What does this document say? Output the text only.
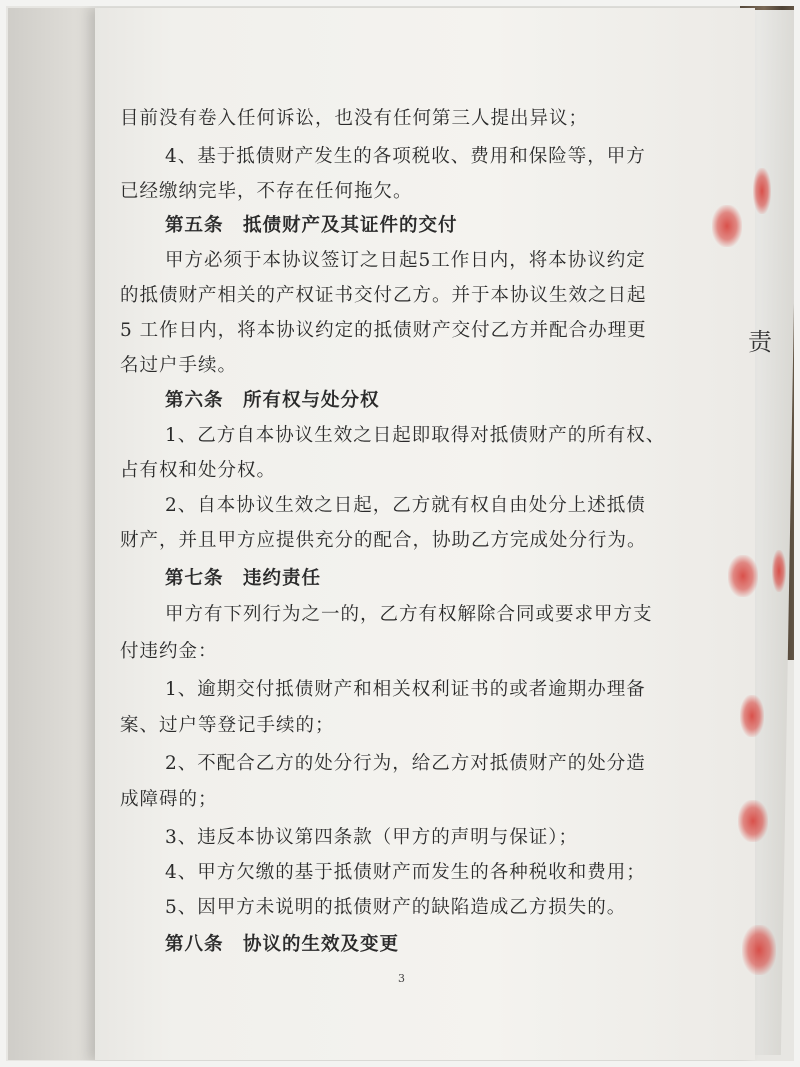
责
目前没有卷入任何诉讼，也没有任何第三人提出异议；
4、基于抵债财产发生的各项税收、费用和保险等，甲方
已经缴纳完毕，不存在任何拖欠。
第五条　抵债财产及其证件的交付
甲方必须于本协议签订之日起5工作日内，将本协议约定
的抵债财产相关的产权证书交付乙方。并于本协议生效之日起
5 工作日内，将本协议约定的抵债财产交付乙方并配合办理更
名过户手续。
第六条　所有权与处分权
1、乙方自本协议生效之日起即取得对抵债财产的所有权、
占有权和处分权。
2、自本协议生效之日起，乙方就有权自由处分上述抵债
财产，并且甲方应提供充分的配合，协助乙方完成处分行为。
第七条　违约责任
甲方有下列行为之一的，乙方有权解除合同或要求甲方支
付违约金：
1、逾期交付抵债财产和相关权利证书的或者逾期办理备
案、过户等登记手续的；
2、不配合乙方的处分行为，给乙方对抵债财产的处分造
成障碍的；
3、违反本协议第四条款（甲方的声明与保证）；
4、甲方欠缴的基于抵债财产而发生的各种税收和费用；
5、因甲方未说明的抵债财产的缺陷造成乙方损失的。
第八条　协议的生效及变更
3
